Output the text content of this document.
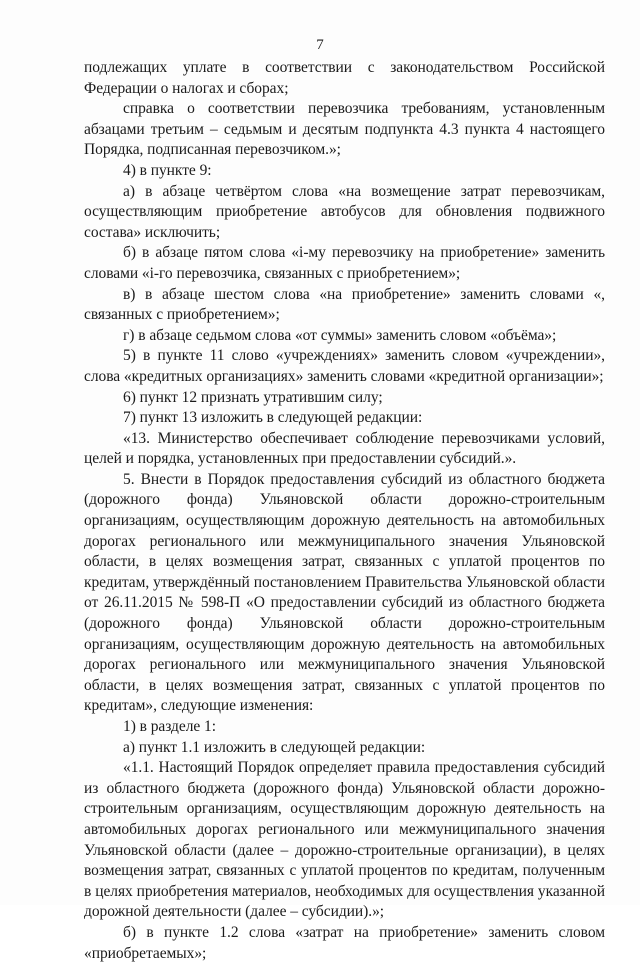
7

подлежащих уплате в соответствии с законодательством Российской Федерации о налогах и сборах;

справка о соответствии перевозчика требованиям, установленным абзацами третьим – седьмым и десятым подпункта 4.3 пункта 4 настоящего Порядка, подписанная перевозчиком.»;

4) в пункте 9:

а) в абзаце четвёртом слова «на возмещение затрат перевозчикам, осуществляющим приобретение автобусов для обновления подвижного состава» исключить;

б) в абзаце пятом слова «i-му перевозчику на приобретение» заменить словами «i-го перевозчика, связанных с приобретением»;

в) в абзаце шестом слова «на приобретение» заменить словами «, связанных с приобретением»;

г) в абзаце седьмом слова «от суммы» заменить словом «объёма»;

5) в пункте 11 слово «учреждениях» заменить словом «учреждении», слова «кредитных организациях» заменить словами «кредитной организации»;

6) пункт 12 признать утратившим силу;

7) пункт 13 изложить в следующей редакции:

«13. Министерство обеспечивает соблюдение перевозчиками условий, целей и порядка, установленных при предоставлении субсидий.».

5. Внести в Порядок предоставления субсидий из областного бюджета (дорожного фонда) Ульяновской области дорожно-строительным организациям, осуществляющим дорожную деятельность на автомобильных дорогах регионального или межмуниципального значения Ульяновской области, в целях возмещения затрат, связанных с уплатой процентов по кредитам, утверждённый постановлением Правительства Ульяновской области от 26.11.2015 № 598-П «О предоставлении субсидий из областного бюджета (дорожного фонда) Ульяновской области дорожно-строительным организациям, осуществляющим дорожную деятельность на автомобильных дорогах регионального или межмуниципального значения Ульяновской области, в целях возмещения затрат, связанных с уплатой процентов по кредитам», следующие изменения:

1) в разделе 1:

а) пункт 1.1 изложить в следующей редакции:

«1.1. Настоящий Порядок определяет правила предоставления субсидий из областного бюджета (дорожного фонда) Ульяновской области дорожно-строительным организациям, осуществляющим дорожную деятельность на автомобильных дорогах регионального или межмуниципального значения Ульяновской области (далее – дорожно-строительные организации), в целях возмещения затрат, связанных с уплатой процентов по кредитам, полученным в целях приобретения материалов, необходимых для осуществления указанной дорожной деятельности (далее – субсидии).»;

б) в пункте 1.2 слова «затрат на приобретение» заменить словом «приобретаемых»;
